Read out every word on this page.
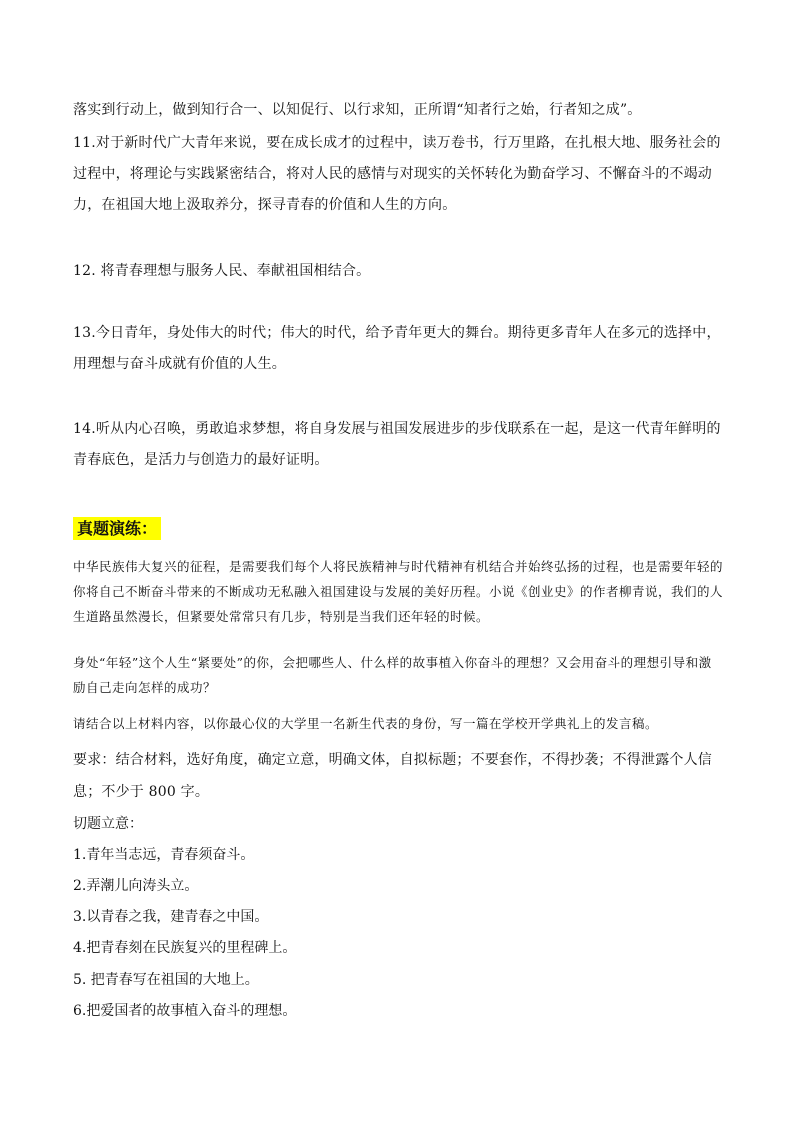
落实到行动上，做到知行合一、以知促行、以行求知，正所谓“知者行之始，行者知之成”。

11.对于新时代广大青年来说，要在成长成才的过程中，读万卷书，行万里路，在扎根大地、服务社会的过程中，将理论与实践紧密结合，将对人民的感情与对现实的关怀转化为勤奋学习、不懈奋斗的不竭动力，在祖国大地上汲取养分，探寻青春的价值和人生的方向。

12. 将青春理想与服务人民、奉献祖国相结合。

13.今日青年，身处伟大的时代；伟大的时代，给予青年更大的舞台。期待更多青年人在多元的选择中，用理想与奋斗成就有价值的人生。

14.听从内心召唤，勇敢追求梦想，将自身发展与祖国发展进步的步伐联系在一起，是这一代青年鲜明的青春底色，是活力与创造力的最好证明。

真题演练：

中华民族伟大复兴的征程，是需要我们每个人将民族精神与时代精神有机结合并始终弘扬的过程，也是需要年轻的你将自己不断奋斗带来的不断成功无私融入祖国建设与发展的美好历程。小说《创业史》的作者柳青说，我们的人生道路虽然漫长，但紧要处常常只有几步，特别是当我们还年轻的时候。

身处“年轻”这个人生“紧要处”的你，会把哪些人、什么样的故事植入你奋斗的理想？又会用奋斗的理想引导和激励自己走向怎样的成功？

请结合以上材料内容，以你最心仪的大学里一名新生代表的身份，写一篇在学校开学典礼上的发言稿。

要求：结合材料，选好角度，确定立意，明确文体，自拟标题；不要套作，不得抄袭；不得泄露个人信息；不少于 800 字。

切题立意：

1.青年当志远，青春须奋斗。

2.弄潮儿向涛头立。

3.以青春之我，建青春之中国。

4.把青春刻在民族复兴的里程碑上。

5. 把青春写在祖国的大地上。

6.把爱国者的故事植入奋斗的理想。
